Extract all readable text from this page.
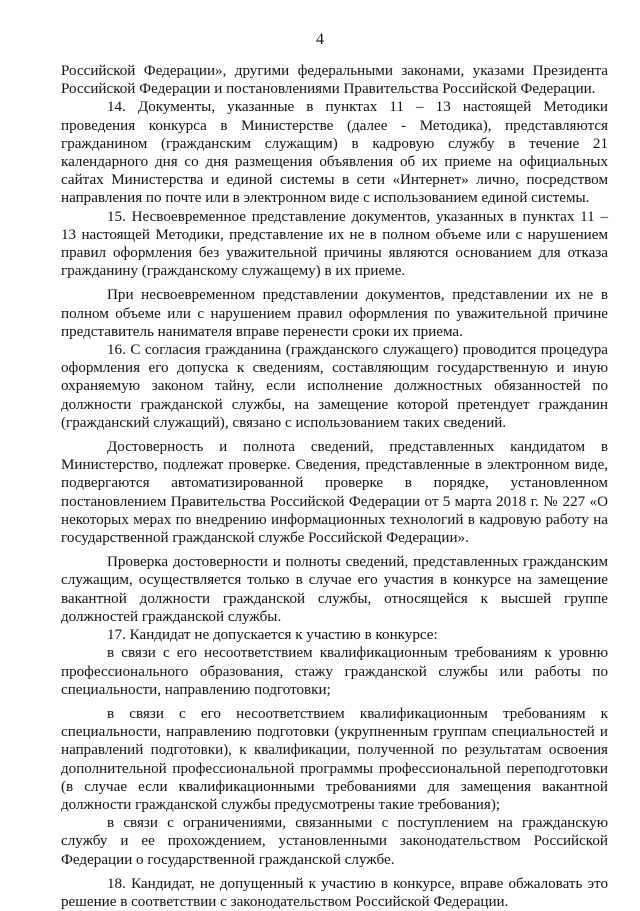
4

Российской Федерации», другими федеральными законами, указами Президента Российской Федерации и постановлениями Правительства Российской Федерации.

14. Документы, указанные в пунктах 11 – 13 настоящей Методики проведения конкурса в Министерстве (далее - Методика), представляются гражданином (гражданским служащим) в кадровую службу в течение 21 календарного дня со дня размещения объявления об их приеме на официальных сайтах Министерства и единой системы в сети «Интернет» лично, посредством направления по почте или в электронном виде с использованием единой системы.

15. Несвоевременное представление документов, указанных в пунктах 11 – 13 настоящей Методики, представление их не в полном объеме или с нарушением правил оформления без уважительной причины являются основанием для отказа гражданину (гражданскому служащему) в их приеме.

При несвоевременном представлении документов, представлении их не в полном объеме или с нарушением правил оформления по уважительной причине представитель нанимателя вправе перенести сроки их приема.

16. С согласия гражданина (гражданского служащего) проводится процедура оформления его допуска к сведениям, составляющим государственную и иную охраняемую законом тайну, если исполнение должностных обязанностей по должности гражданской службы, на замещение которой претендует гражданин (гражданский служащий), связано с использованием таких сведений.

Достоверность и полнота сведений, представленных кандидатом в Министерство, подлежат проверке. Сведения, представленные в электронном виде, подвергаются автоматизированной проверке в порядке, установленном постановлением Правительства Российской Федерации от 5 марта 2018 г. № 227 «О некоторых мерах по внедрению информационных технологий в кадровую работу на государственной гражданской службе Российской Федерации».

Проверка достоверности и полноты сведений, представленных гражданским служащим, осуществляется только в случае его участия в конкурсе на замещение вакантной должности гражданской службы, относящейся к высшей группе должностей гражданской службы.

17. Кандидат не допускается к участию в конкурсе:

в связи с его несоответствием квалификационным требованиям к уровню профессионального образования, стажу гражданской службы или работы по специальности, направлению подготовки;

в связи с его несоответствием квалификационным требованиям к специальности, направлению подготовки (укрупненным группам специальностей и направлений подготовки), к квалификации, полученной по результатам освоения дополнительной профессиональной программы профессиональной переподготовки (в случае если квалификационными требованиями для замещения вакантной должности гражданской службы предусмотрены такие требования);

в связи с ограничениями, связанными с поступлением на гражданскую службу и ее прохождением, установленными законодательством Российской Федерации о государственной гражданской службе.

18. Кандидат, не допущенный к участию в конкурсе, вправе обжаловать это решение в соответствии с законодательством Российской Федерации.
